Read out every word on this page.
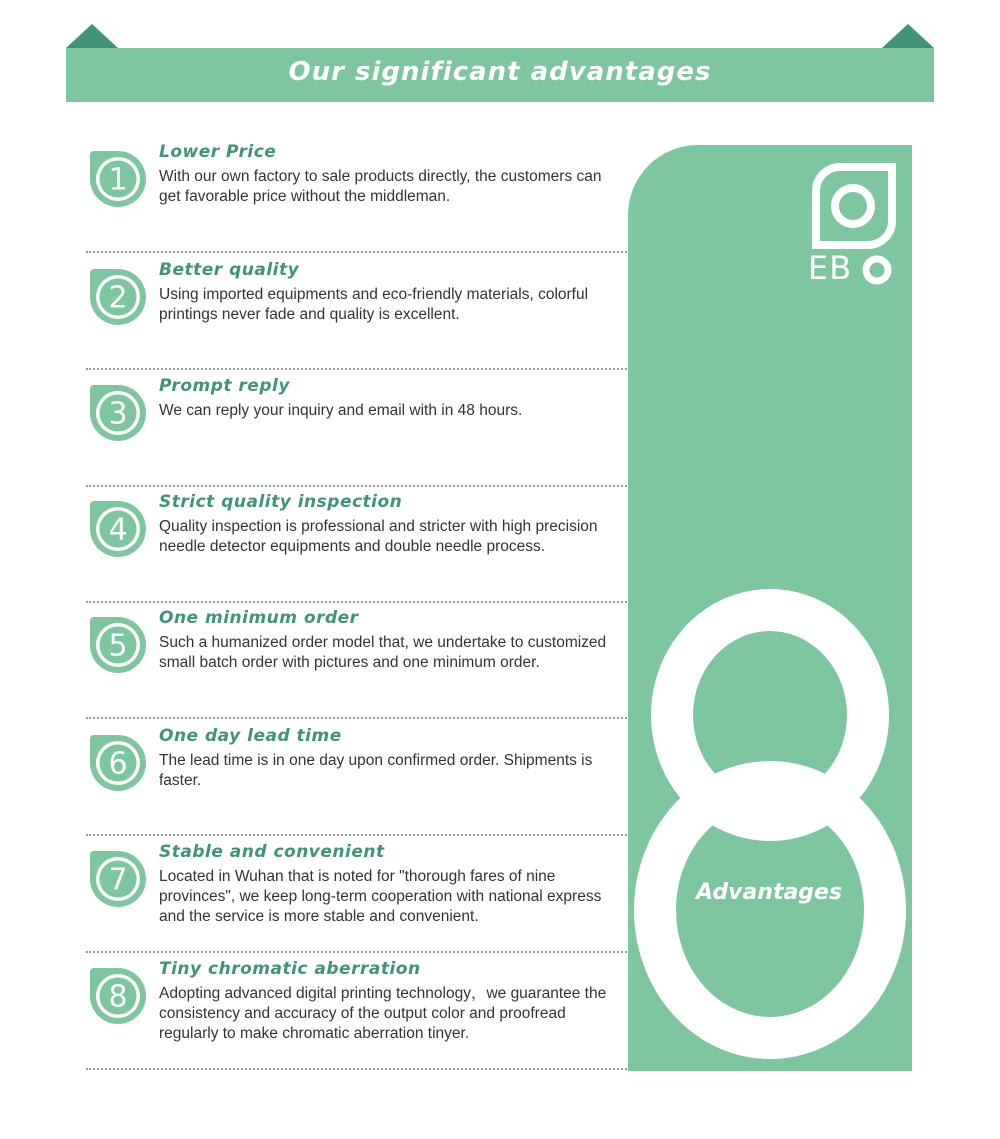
Our significant advantages
1
Lower Price
With our own factory to sale products directly, the customers can get favorable price without the middleman.
2
Better quality
Using imported equipments and eco-friendly materials, colorful printings never fade and quality is excellent.
3
Prompt reply
We can reply your inquiry and email with in 48 hours.
4
Strict quality inspection
Quality inspection is professional and stricter with high precision needle detector equipments and double needle process.
5
One minimum order
Such a humanized order model that, we undertake to customized small batch order with pictures and one minimum order.
6
One day lead time
The lead time is in one day upon confirmed order. Shipments is faster.
7
Stable and convenient
Located in Wuhan that is noted for "thorough fares of nine provinces", we keep long-term cooperation with national express and the service is more stable and convenient.
8
Tiny chromatic aberration
Adopting advanced digital printing technology，we guarantee the consistency and accuracy of the output color and proofread regularly to make chromatic aberration tinyer.
EB
Advantages
